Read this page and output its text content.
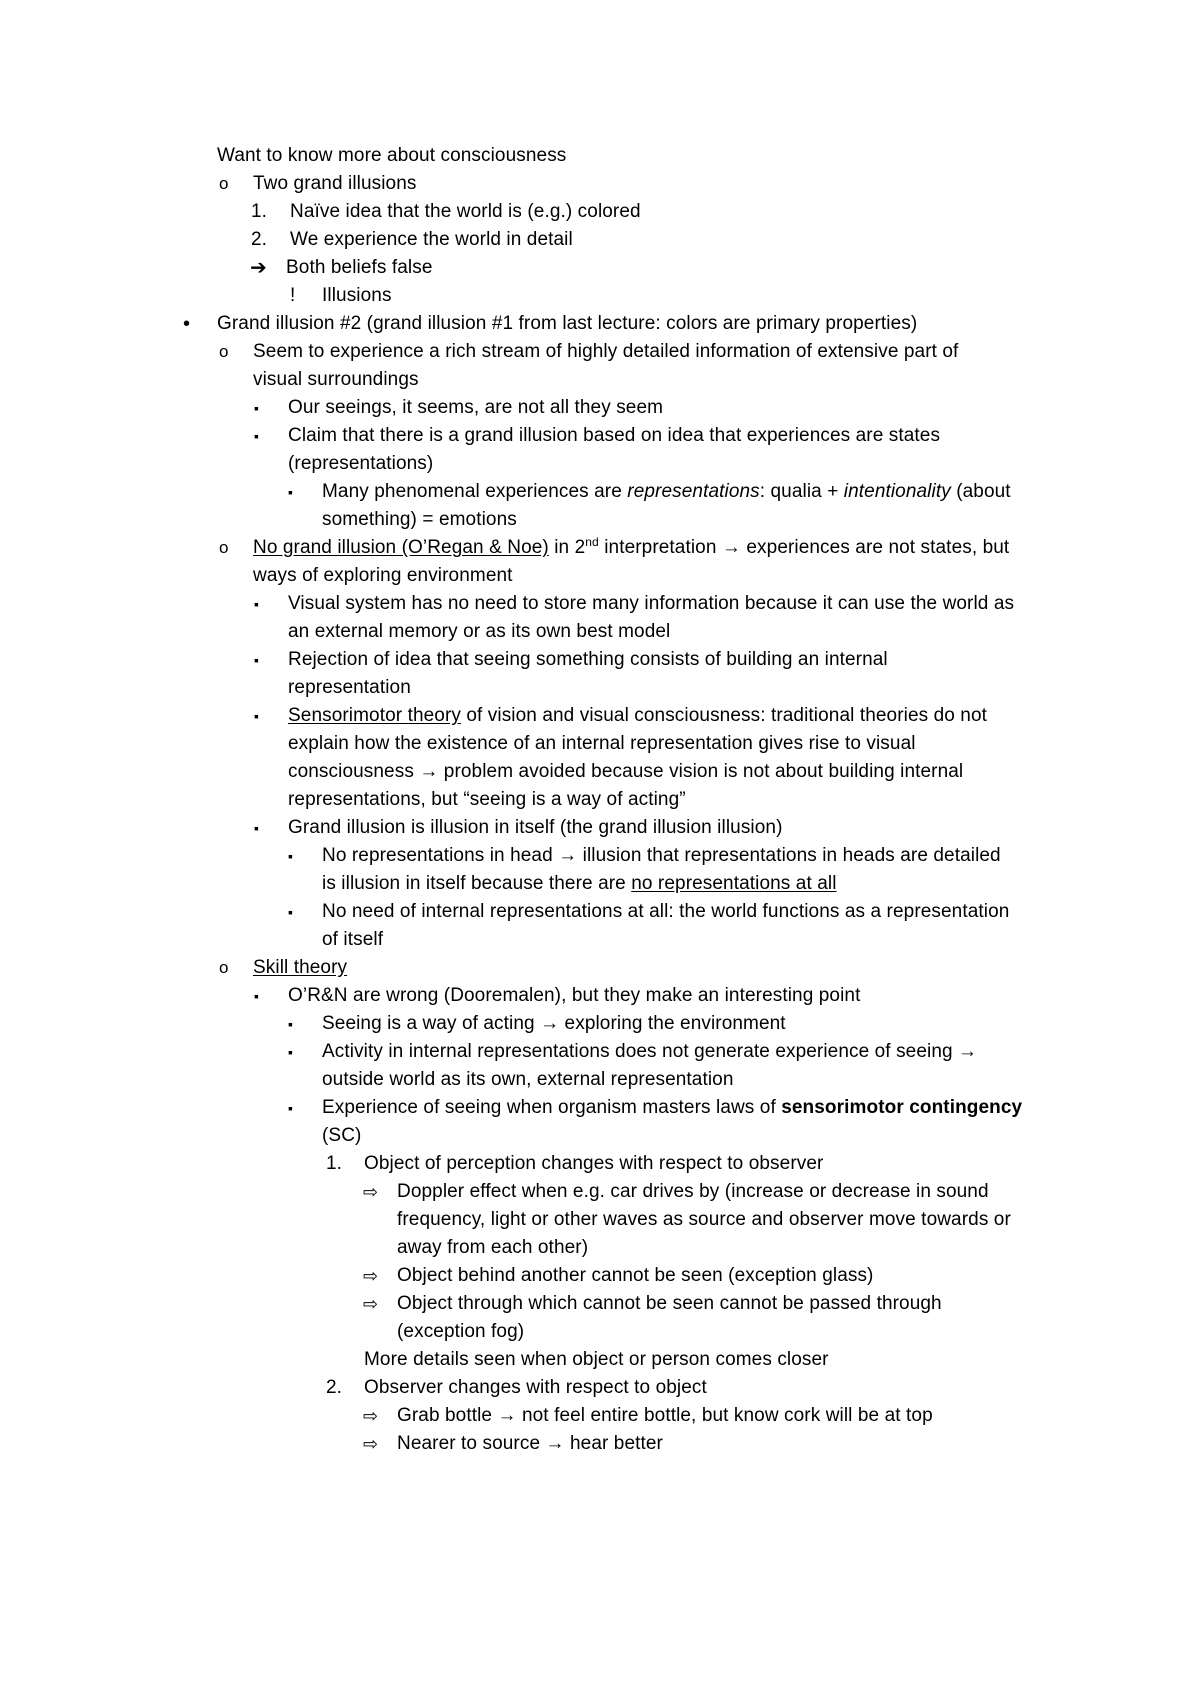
Want to know more about consciousness
o Two grand illusions
1. Naïve idea that the world is (e.g.) colored
2. We experience the world in detail
➔ Both beliefs false
! Illusions
• Grand illusion #2 (grand illusion #1 from last lecture: colors are primary properties)
o Seem to experience a rich stream of highly detailed information of extensive part of
visual surroundings
▪ Our seeings, it seems, are not all they seem
▪ Claim that there is a grand illusion based on idea that experiences are states
(representations)
▪ Many phenomenal experiences are representations: qualia + intentionality (about
something) = emotions
o No grand illusion (O’Regan & Noe) in 2nd interpretation → experiences are not states, but
ways of exploring environment
▪ Visual system has no need to store many information because it can use the world as
an external memory or as its own best model
▪ Rejection of idea that seeing something consists of building an internal
representation
▪ Sensorimotor theory of vision and visual consciousness: traditional theories do not
explain how the existence of an internal representation gives rise to visual
consciousness → problem avoided because vision is not about building internal
representations, but “seeing is a way of acting”
▪ Grand illusion is illusion in itself (the grand illusion illusion)
▪ No representations in head → illusion that representations in heads are detailed
is illusion in itself because there are no representations at all
▪ No need of internal representations at all: the world functions as a representation
of itself
o Skill theory
▪ O’R&N are wrong (Dooremalen), but they make an interesting point
▪ Seeing is a way of acting → exploring the environment
▪ Activity in internal representations does not generate experience of seeing →
outside world as its own, external representation
▪ Experience of seeing when organism masters laws of sensorimotor contingency
(SC)
1. Object of perception changes with respect to observer
⇨ Doppler effect when e.g. car drives by (increase or decrease in sound
frequency, light or other waves as source and observer move towards or
away from each other)
⇨ Object behind another cannot be seen (exception glass)
⇨ Object through which cannot be seen cannot be passed through
(exception fog)
More details seen when object or person comes closer
2. Observer changes with respect to object
⇨ Grab bottle → not feel entire bottle, but know cork will be at top
⇨ Nearer to source → hear better
